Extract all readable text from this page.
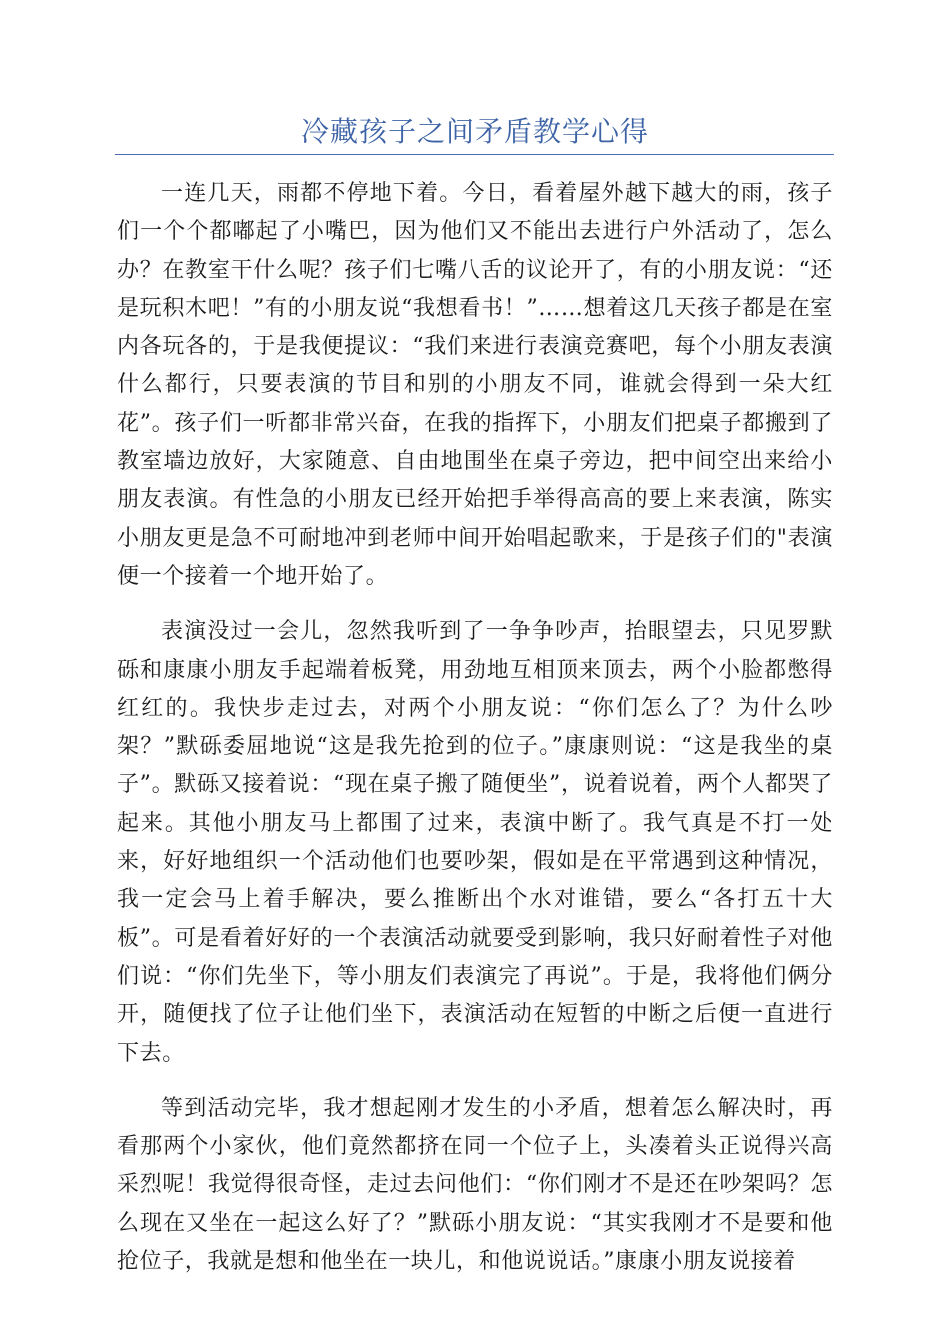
冷藏孩子之间矛盾教学心得

一连几天，雨都不停地下着。今日，看着屋外越下越大的雨，孩子们一个个都嘟起了小嘴巴，因为他们又不能出去进行户外活动了，怎么办？在教室干什么呢？孩子们七嘴八舌的议论开了，有的小朋友说：“还是玩积木吧！”有的小朋友说“我想看书！”……想着这几天孩子都是在室内各玩各的，于是我便提议：“我们来进行表演竞赛吧，每个小朋友表演什么都行，只要表演的节目和别的小朋友不同，谁就会得到一朵大红花”。孩子们一听都非常兴奋，在我的指挥下，小朋友们把桌子都搬到了教室墙边放好，大家随意、自由地围坐在桌子旁边，把中间空出来给小朋友表演。有性急的小朋友已经开始把手举得高高的要上来表演，陈实小朋友更是急不可耐地冲到老师中间开始唱起歌来，于是孩子们的"表演便一个接着一个地开始了。

表演没过一会儿，忽然我听到了一争争吵声，抬眼望去，只见罗默砾和康康小朋友手起端着板凳，用劲地互相顶来顶去，两个小脸都憋得红红的。我快步走过去，对两个小朋友说：“你们怎么了？为什么吵架？”默砾委屈地说“这是我先抢到的位子。”康康则说：“这是我坐的桌子”。默砾又接着说：“现在桌子搬了随便坐”，说着说着，两个人都哭了起来。其他小朋友马上都围了过来，表演中断了。我气真是不打一处来，好好地组织一个活动他们也要吵架，假如是在平常遇到这种情况，我一定会马上着手解决，要么推断出个水对谁错，要么“各打五十大板”。可是看着好好的一个表演活动就要受到影响，我只好耐着性子对他们说：“你们先坐下，等小朋友们表演完了再说”。于是，我将他们俩分开，随便找了位子让他们坐下，表演活动在短暂的中断之后便一直进行下去。

等到活动完毕，我才想起刚才发生的小矛盾，想着怎么解决时，再看那两个小家伙，他们竟然都挤在同一个位子上，头凑着头正说得兴高采烈呢！我觉得很奇怪，走过去问他们：“你们刚才不是还在吵架吗？怎么现在又坐在一起这么好了？”默砾小朋友说：“其实我刚才不是要和他抢位子，我就是想和他坐在一块儿，和他说说话。”康康小朋友说接着
